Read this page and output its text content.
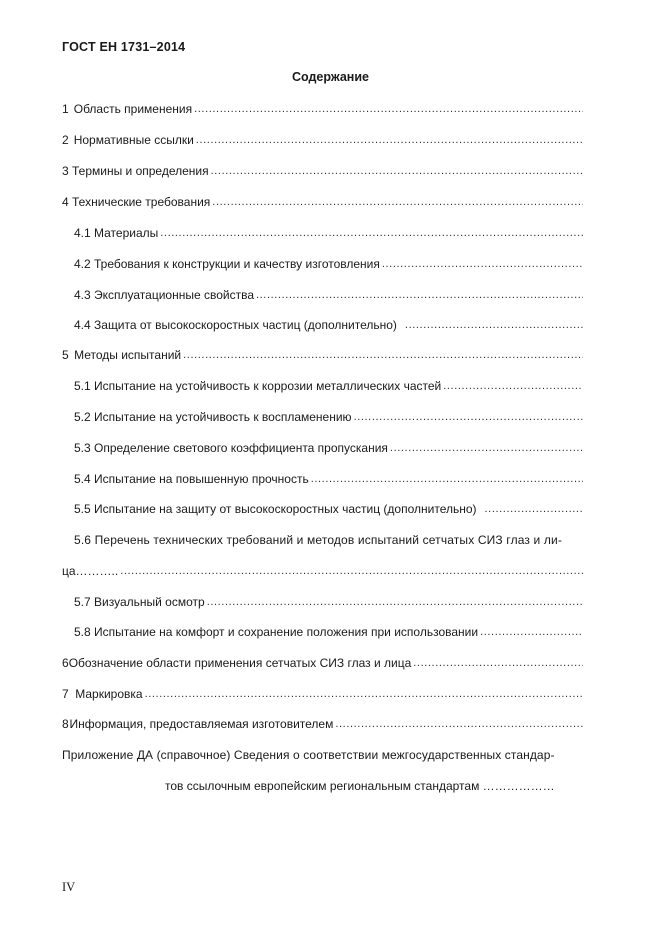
ГОСТ ЕН 1731–2014
Содержание
1 Область применения
.....
2 Нормативные ссылки
.....
3 Термины и определения
.....
4 Технические требования
.....
4.1 Материалы
.....
4.2 Требования к конструкции и качеству изготовления
.....
4.3 Эксплуатационные свойства
.....
4.4 Защита от высокоскоростных частиц (дополнительно)
.....
5 Методы испытаний
.....
5.1 Испытание на устойчивость к коррозии металлических частей
.....
5.2 Испытание на устойчивость к воспламенению
.....
5.3 Определение светового коэффициента пропускания
.....
5.4 Испытание на повышенную прочность
.....
5.5 Испытание на защиту от высокоскоростных частиц (дополнительно)
.....
5.6 Перечень технических требований и методов испытаний сетчатых СИЗ глаз и ли-
ца………..
.....
5.7 Визуальный осмотр
.....
5.8 Испытание на комфорт и сохранение положения при использовании
.....
6 Обозначение области применения сетчатых СИЗ глаз и лица
.....
7 Маркировка
.....
8 Информация, предоставляемая изготовителем
.....
Приложение ДА (справочное) Сведения о соответствии межгосударственных стандар-
тов ссылочным европейским региональным стандартам ………………
IV
